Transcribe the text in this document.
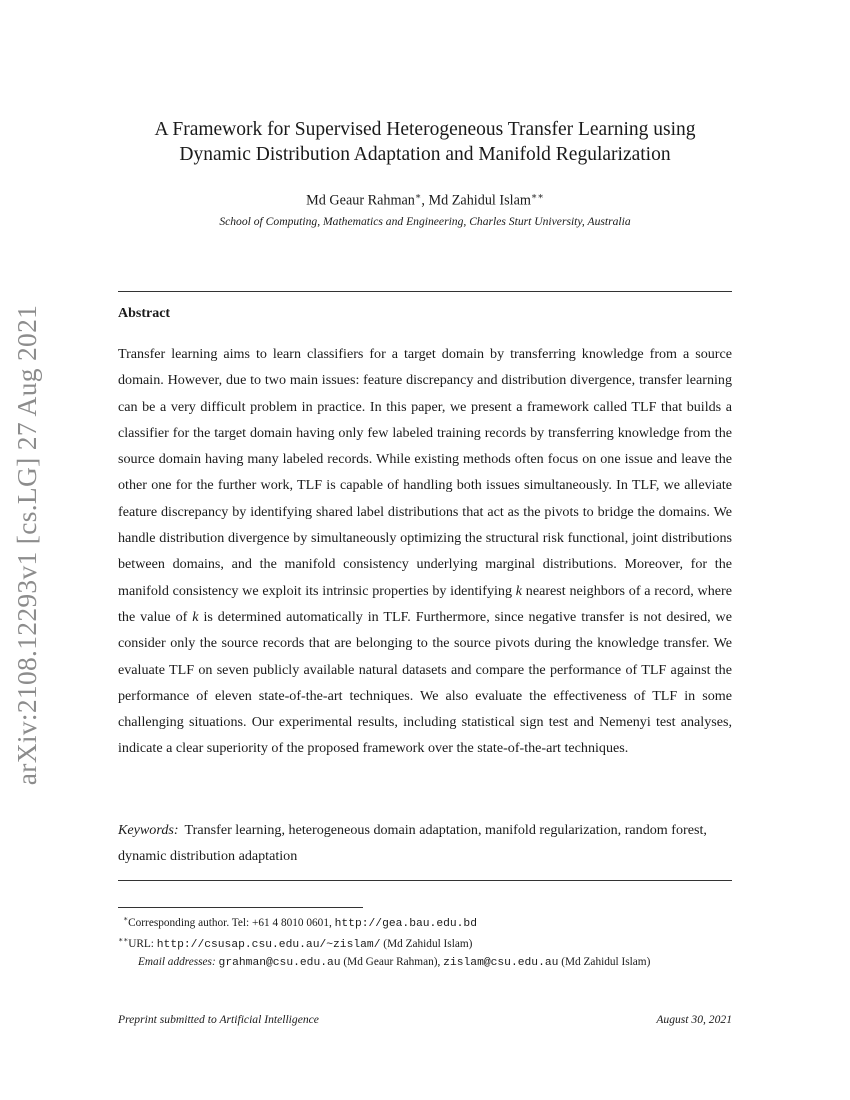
arXiv:2108.12293v1 [cs.LG] 27 Aug 2021
A Framework for Supervised Heterogeneous Transfer Learning using
Dynamic Distribution Adaptation and Manifold Regularization
Md Geaur Rahman∗, Md Zahidul Islam∗∗
School of Computing, Mathematics and Engineering, Charles Sturt University, Australia
Abstract

Transfer learning aims to learn classifiers for a target domain by transferring knowledge from a source domain. However, due to two main issues: feature discrepancy and distribution divergence, transfer learning can be a very difficult problem in practice. In this paper, we present a framework called TLF that builds a classifier for the target domain having only few labeled training records by transferring knowledge from the source domain having many labeled records. While existing methods often focus on one issue and leave the other one for the further work, TLF is capable of handling both issues simultaneously. In TLF, we alleviate feature discrepancy by identifying shared label distributions that act as the pivots to bridge the domains. We handle distribution divergence by simultaneously optimizing the structural risk functional, joint distributions between domains, and the manifold consistency underlying marginal distributions. Moreover, for the manifold consistency we exploit its intrinsic properties by identifying k nearest neighbors of a record, where the value of k is determined automatically in TLF. Furthermore, since negative transfer is not desired, we consider only the source records that are belonging to the source pivots during the knowledge transfer. We evaluate TLF on seven publicly available natural datasets and compare the performance of TLF against the performance of eleven state-of-the-art techniques. We also evaluate the effectiveness of TLF in some challenging situations. Our experimental results, including statistical sign test and Nemenyi test analyses, indicate a clear superiority of the proposed framework over the state-of-the-art techniques.

Keywords: Transfer learning, heterogeneous domain adaptation, manifold regularization, random forest, dynamic distribution adaptation

∗Corresponding author. Tel: +61 4 8010 0601, http://gea.bau.edu.bd
∗∗URL: http://csusap.csu.edu.au/~zislam/ (Md Zahidul Islam)
Email addresses: grahman@csu.edu.au (Md Geaur Rahman), zislam@csu.edu.au (Md Zahidul Islam)
Preprint submitted to Artificial Intelligence	August 30, 2021
